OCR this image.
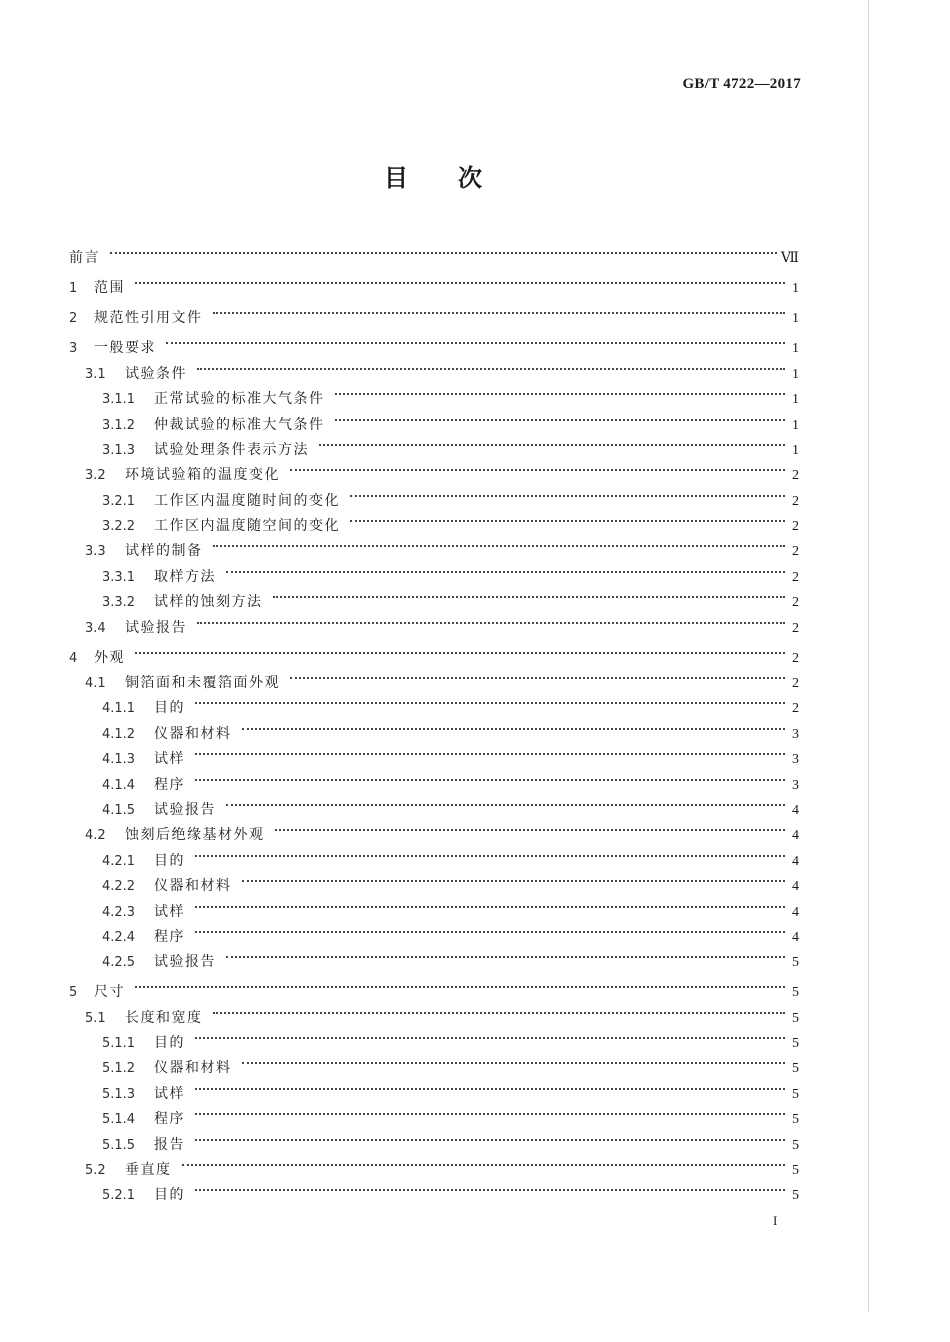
GB/T 4722—2017
目 次
前言	Ⅶ
1	范围	1
2	规范性引用文件	1
3	一般要求	1
3.1	试验条件	1
3.1.1	正常试验的标准大气条件	1
3.1.2	仲裁试验的标准大气条件	1
3.1.3	试验处理条件表示方法	1
3.2	环境试验箱的温度变化	2
3.2.1	工作区内温度随时间的变化	2
3.2.2	工作区内温度随空间的变化	2
3.3	试样的制备	2
3.3.1	取样方法	2
3.3.2	试样的蚀刻方法	2
3.4	试验报告	2
4	外观	2
4.1	铜箔面和未覆箔面外观	2
4.1.1	目的	2
4.1.2	仪器和材料	3
4.1.3	试样	3
4.1.4	程序	3
4.1.5	试验报告	4
4.2	蚀刻后绝缘基材外观	4
4.2.1	目的	4
4.2.2	仪器和材料	4
4.2.3	试样	4
4.2.4	程序	4
4.2.5	试验报告	5
5	尺寸	5
5.1	长度和宽度	5
5.1.1	目的	5
5.1.2	仪器和材料	5
5.1.3	试样	5
5.1.4	程序	5
5.1.5	报告	5
5.2	垂直度	5
5.2.1	目的	5
I
